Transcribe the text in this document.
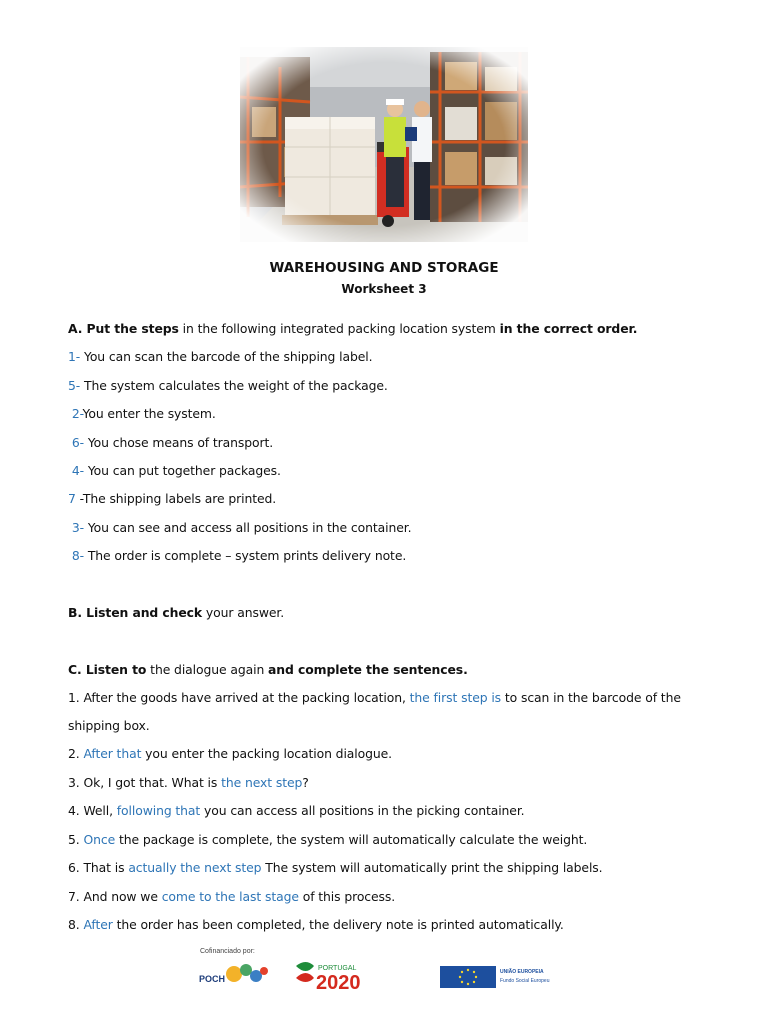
WAREHOUSING AND STORAGE
Worksheet 3
A. Put the steps in the following integrated packing location system in the correct order.
1- You can scan the barcode of the shipping label.
5- The system calculates the weight of the package.
2-You enter the system.
6- You chose means of transport.
4- You can put together packages.
7 -The shipping labels are printed.
3- You can see and access all positions in the container.
8- The order is complete – system prints delivery note.
B. Listen and check your answer.
C. Listen to the dialogue again and complete the sentences.
1. After the goods have arrived at the packing location, the first step is to scan in the barcode of the
shipping box.
2. After that you enter the packing location dialogue.
3. Ok, I got that. What is the next step?
4. Well, following that you can access all positions in the picking container.
5. Once the package is complete, the system will automatically calculate the weight.
6. That is actually the next step The system will automatically print the shipping labels.
7. And now we come to the last stage of this process.
8. After the order has been completed, the delivery note is printed automatically.
Cofinanciado por:
POCH
PORTUGAL
2020	UNIÃO EUROPEIA
Fundo Social Europeu
